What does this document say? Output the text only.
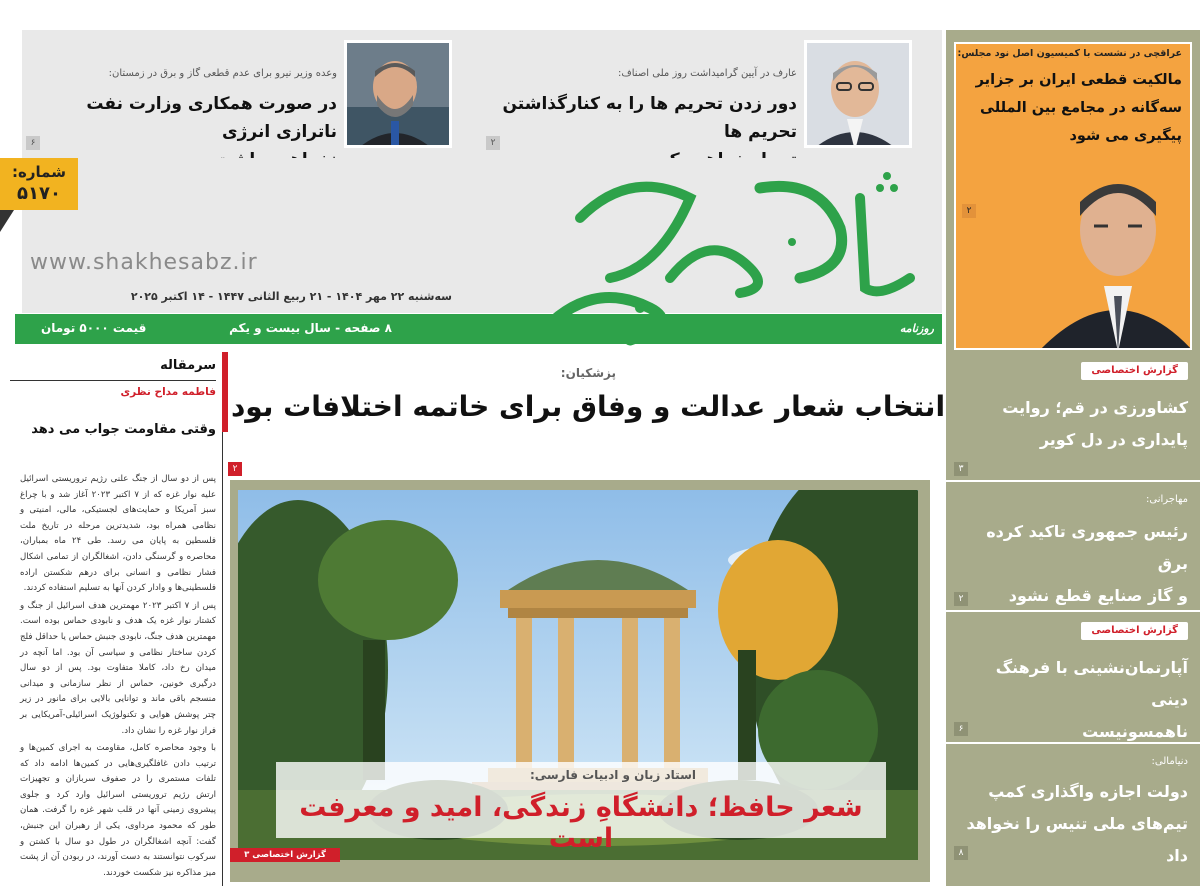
عارف در آیین گرامیداشت روز ملی اصناف:
دور زدن تحریم ها را به کنارگذاشتن تحریم ها
۲
وعده وزیر نیرو برای عدم قطعی گاز و برق در زمستان:
در صورت همکاری وزارت نفت ناترازی انرژی
۶
شماره:
۵۱۷۰
www.shakhesabz.ir
سه‌شنبه ۲۲ مهر ۱۴۰۴ - ۲۱ ربیع الثانی ۱۴۴۷ - ۱۴ اکتبر ۲۰۲۵
روزنامه
۸ صفحه - سال بیست و یکم
قیمت ۵۰۰۰ تومان
عراقچی در نشست با کمیسیون اصل نود مجلس:
مالکیت قطعی ایران بر جزایر
سه‌گانه در مجامع بین المللی
پیگیری می شود
۲
گزارش اختصاصی
کشاورزی در قم؛ روایت
پایداری در دل کویر
۳
مهاجرانی:
رئیس جمهوری تاکید کرده برق
و گاز صنایع قطع نشود
۲
گزارش اختصاصی
آپارتمان‌نشینی با فرهنگ دینی
ناهمسونیست
۶
دنیامالی:
دولت اجازه واگذاری کمپ
تیم‌های ملی تنیس را نخواهد داد
۸
سرمقاله
فاطمه مداح نظری
وقتی مقاومت جواب می دهد

پس از دو سال از جنگ علنی رژیم تروریستی اسرائیل علیه نوار غزه که از ۷ اکتبر ۲۰۲۳ آغاز شد و با چراغ سبز آمریکا و حمایت‌های لجستیکی، مالی، امنیتی و نظامی همراه بود، شدیدترین مرحله در تاریخ ملت فلسطین به پایان می رسد. طی ۲۴ ماه بمباران، محاصره و گرسنگی دادن، اشغالگران از تمامی اشکال فشار نظامی و انسانی برای درهم شکستن اراده فلسطینی‌ها و وادار کردن آنها به تسلیم استفاده کردند.

پس از ۷ اکتبر ۲۰۲۳ مهمترین هدف اسرائیل از جنگ و کشتار نوار غزه یک هدف و نابودی حماس بوده است. مهمترین هدف جنگ، نابودی جنبش حماس یا حداقل فلج کردن ساختار نظامی و سیاسی آن بود. اما آنچه در میدان رخ داد، کاملا متفاوت بود. پس از دو سال درگیری خونین، حماس از نظر سازمانی و میدانی منسجم باقی ماند و توانایی بالایی برای مانور در زیر چتر پوشش هوایی و تکنولوژیک اسرائیلی-آمریکایی بر فراز نوار غزه را نشان داد.

با وجود محاصره کامل، مقاومت به اجرای کمین‌ها و ترتیب دادن غافلگیری‌هایی در کمین‌ها ادامه داد که تلفات مستمری را در صفوف سربازان و تجهیزات ارتش رژیم تروریستی اسرائیل وارد کرد و جلوی پیشروی زمینی آنها در قلب شهر غزه را گرفت. همان طور که محمود مرداوی، یکی از رهبران این جنبش، گفت: آنچه اشغالگران در طول دو سال با کشتن و سرکوب نتوانستند به دست آورند، در ربودن آن از پشت میز مذاکره نیز شکست خوردند.

پزشکیان:
انتخاب شعار عدالت و وفاق برای خاتمه اختلافات بود
۲
استاد زبان و ادبیات فارسی:
شعر حافظ؛ دانشگاهِ زندگی، امید و معرفت است
گزارش اختصاصی ۳
